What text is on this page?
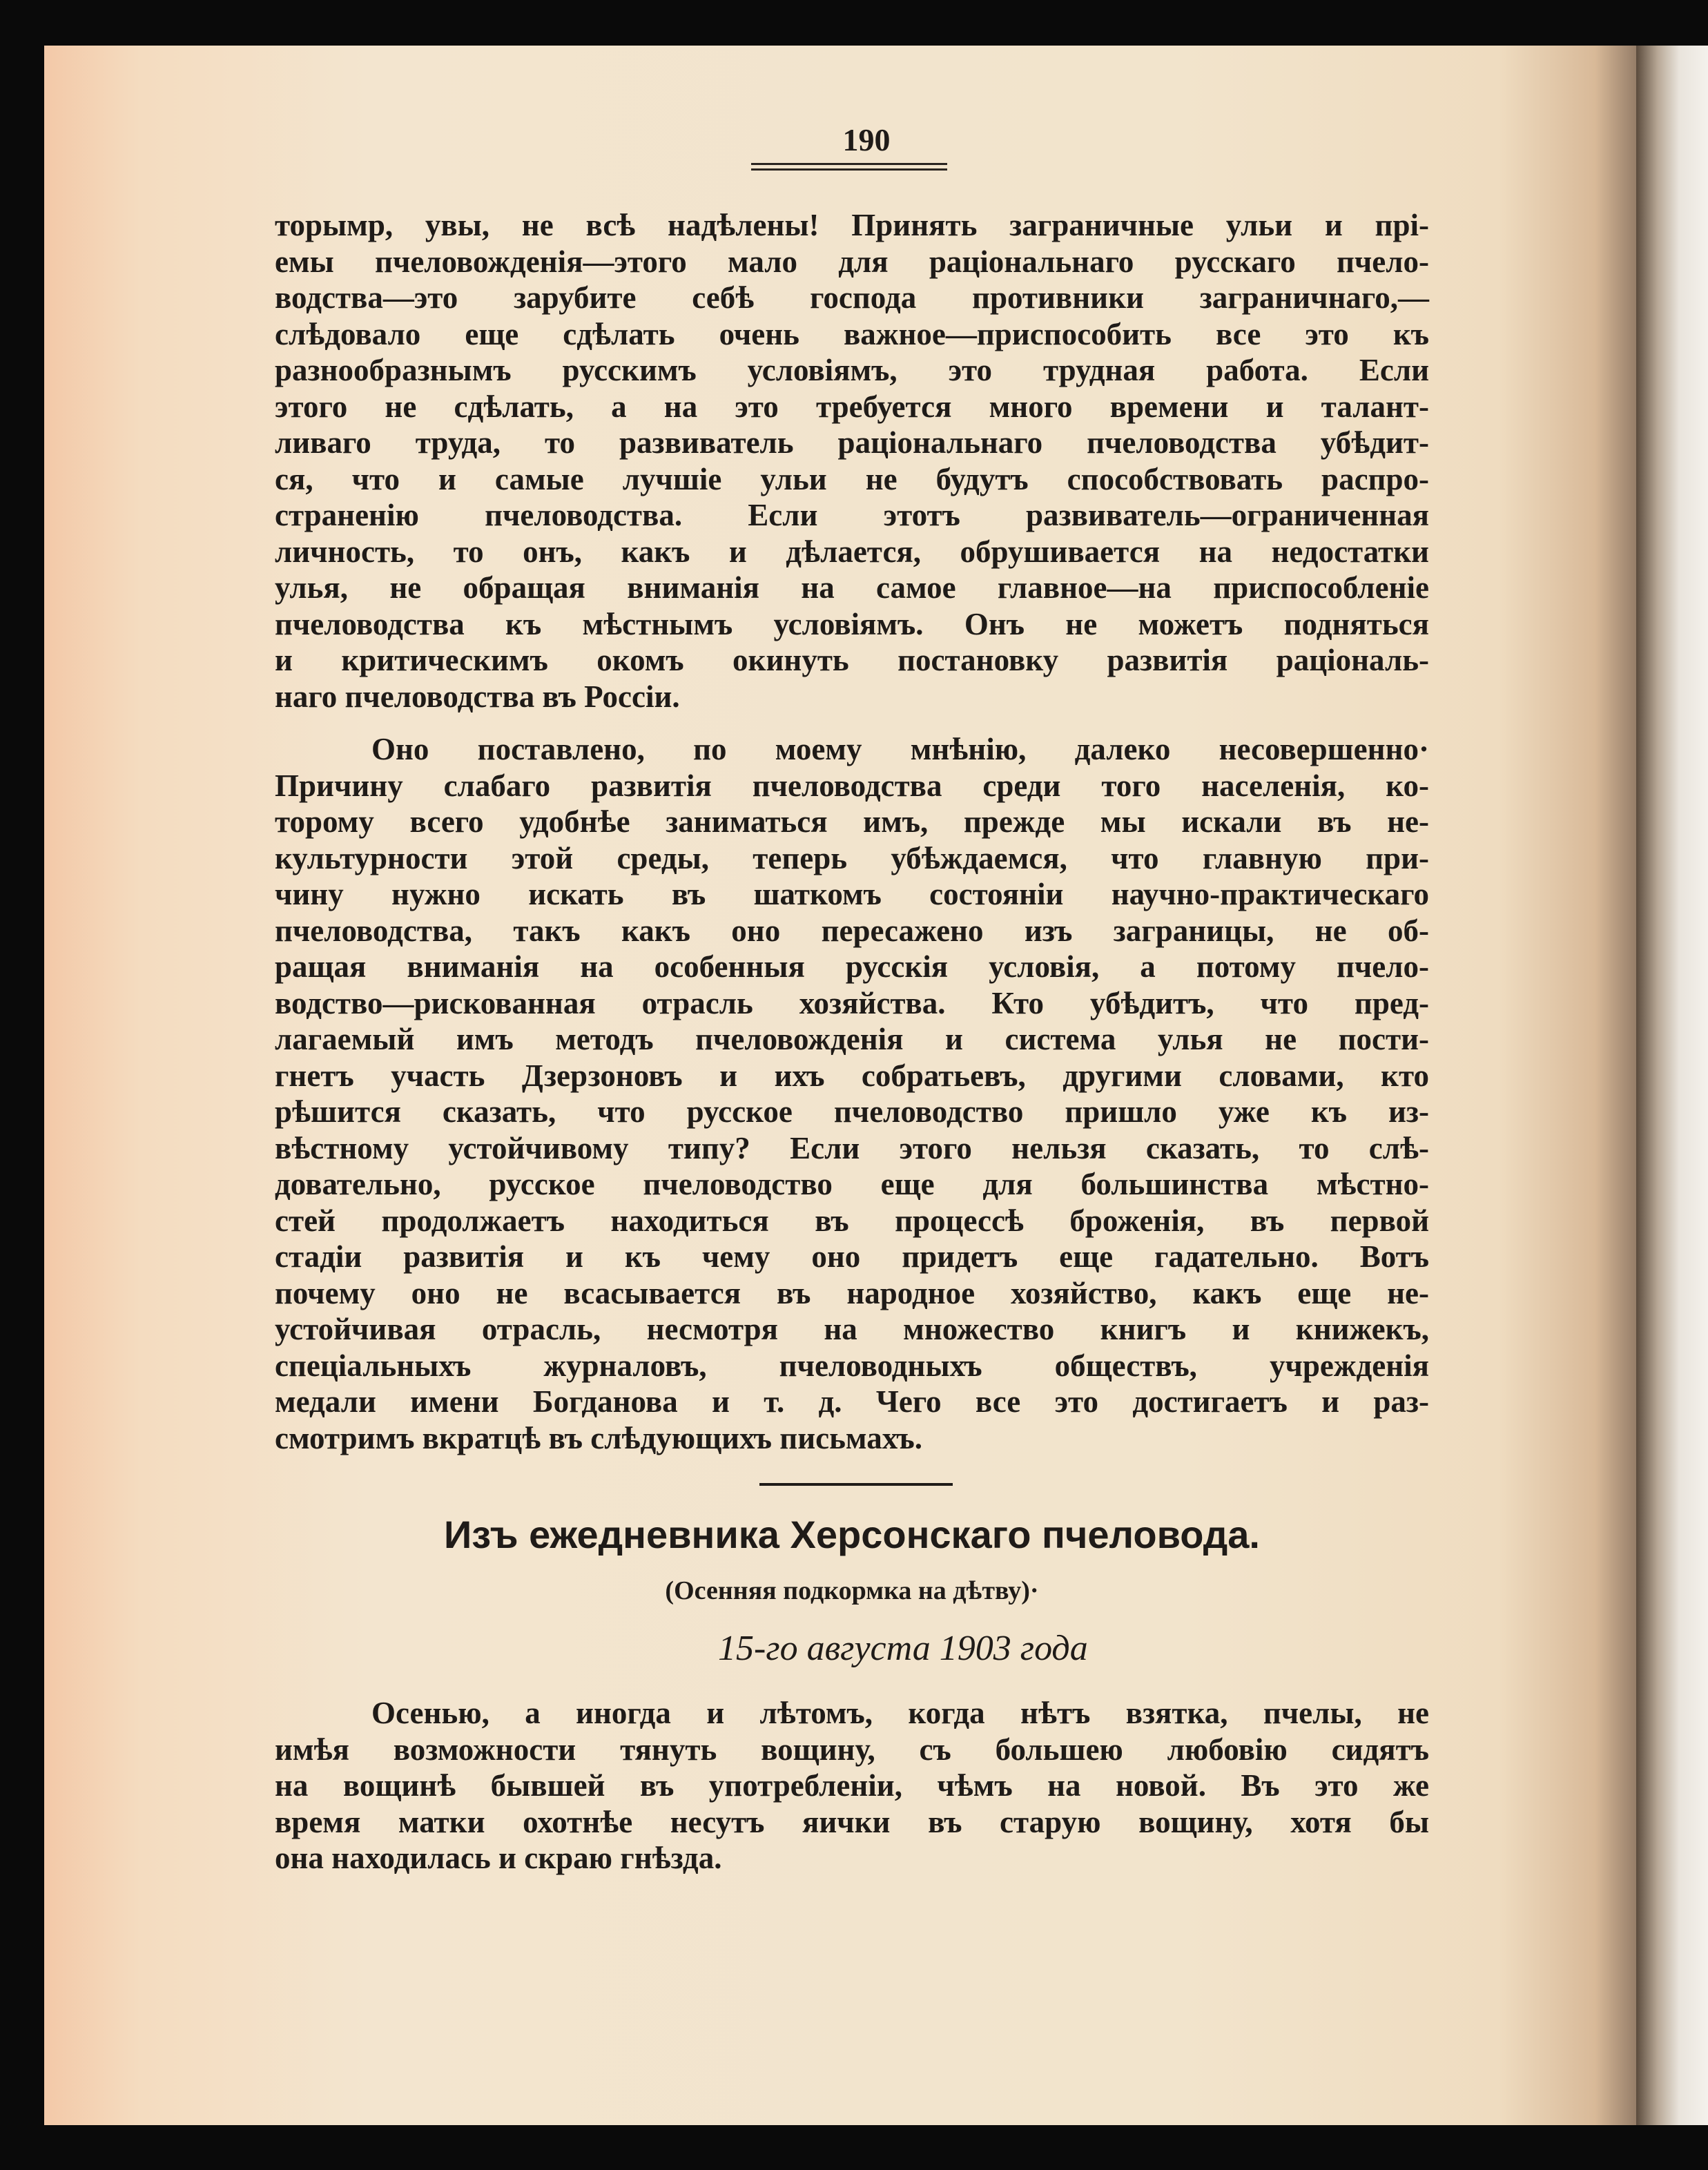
190

торымр, увы, не всѣ надѣлены! Принять заграничные ульи и прі-

емы пчеловожденія—этого мало для раціональнаго русскаго пчело-

водства—это зарубите себѣ господа противники заграничнаго,—

слѣдовало еще сдѣлать очень важное—приспособить все это къ

разнообразнымъ русскимъ условіямъ, это трудная работа. Если

этого не сдѣлать, а на это требуется много времени и талант-

ливаго труда, то развиватель раціональнаго пчеловодства убѣдит-

ся, что и самые лучшіе ульи не будутъ способствовать распро-

страненію пчеловодства. Если этотъ развиватель—ограниченная

личность, то онъ, какъ и дѣлается, обрушивается на недостатки

улья, не обращая вниманія на самое главное—на приспособленіе

пчеловодства къ мѣстнымъ условіямъ. Онъ не можетъ подняться

и критическимъ окомъ окинуть постановку развитія раціональ-

наго пчеловодства въ Россіи.

Оно поставлено, по моему мнѣнію, далеко несовершенно·

Причину слабаго развитія пчеловодства среди того населенія, ко-

торому всего удобнѣе заниматься имъ, прежде мы искали въ не-

культурности этой среды, теперь убѣждаемся, что главную при-

чину нужно искать въ шаткомъ состояніи научно-практическаго

пчеловодства, такъ какъ оно пересажено изъ заграницы, не об-

ращая вниманія на особенныя русскія условія, а потому пчело-

водство—рискованная отрасль хозяйства. Кто убѣдитъ, что пред-

лагаемый имъ методъ пчеловожденія и система улья не пости-

гнетъ участь Дзерзоновъ и ихъ собратьевъ, другими словами, кто

рѣшится сказать, что русское пчеловодство пришло уже къ из-

вѣстному устойчивому типу? Если этого нельзя сказать, то слѣ-

довательно, русское пчеловодство еще для большинства мѣстно-

стей продолжаетъ находиться въ процессѣ броженія, въ первой

стадіи развитія и къ чему оно придетъ еще гадательно. Вотъ

почему оно не всасывается въ народное хозяйство, какъ еще не-

устойчивая отрасль, несмотря на множество книгъ и книжекъ,

спеціальныхъ журналовъ, пчеловодныхъ обществъ, учрежденія

медали имени Богданова и т. д. Чего все это достигаетъ и раз-

смотримъ вкратцѣ въ слѣдующихъ письмахъ.

Изъ ежедневника Херсонскаго пчеловода.
(Осенняя подкормка на дѣтву)·
15-го августа 1903 года

Осенью, а иногда и лѣтомъ, когда нѣтъ взятка, пчелы, не

имѣя возможности тянуть вощину, съ большею любовію сидятъ

на вощинѣ бывшей въ употребленіи, чѣмъ на новой. Въ это же

время матки охотнѣе несутъ яички въ старую вощину, хотя бы

она находилась и скраю гнѣзда.
